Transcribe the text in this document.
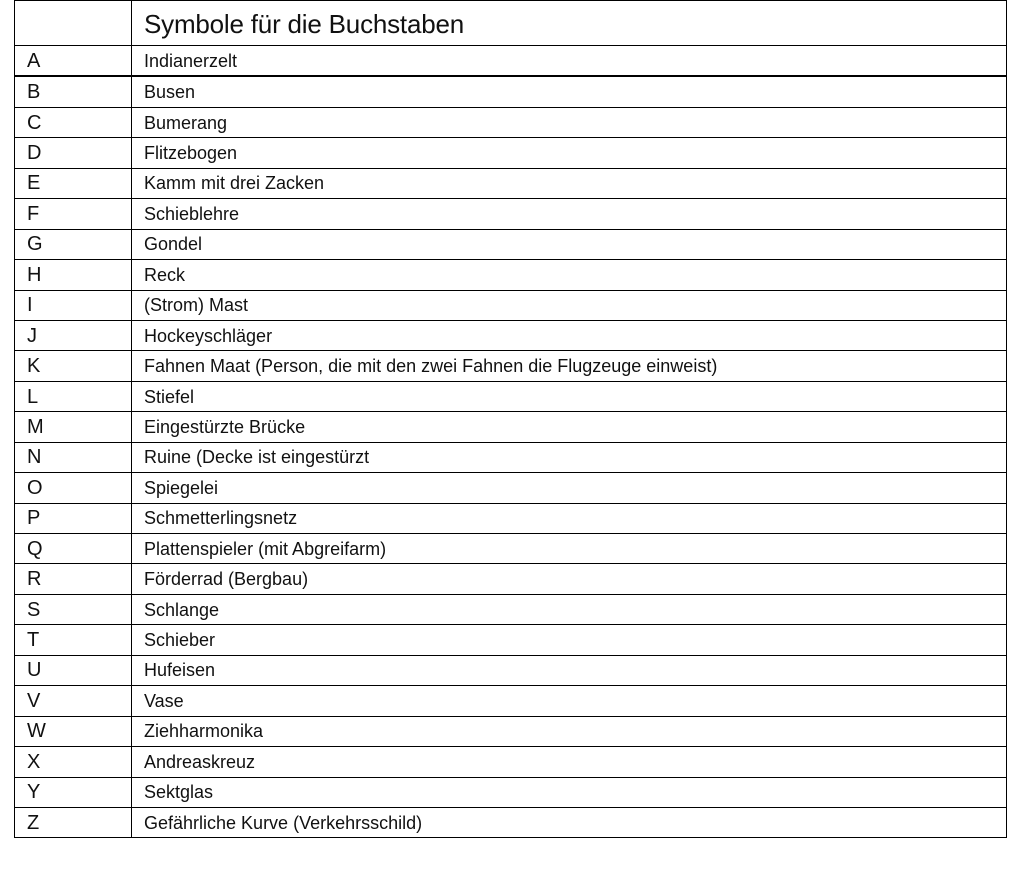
	Symbole für die Buchstaben
A	Indianerzelt
B	Busen
C	Bumerang
D	Flitzebogen
E	Kamm mit drei Zacken
F	Schieblehre
G	Gondel
H	Reck
I	(Strom) Mast
J	Hockeyschläger
K	Fahnen Maat (Person, die mit den zwei Fahnen die Flugzeuge einweist)
L	Stiefel
M	Eingestürzte Brücke
N	Ruine (Decke ist eingestürzt
O	Spiegelei
P	Schmetterlingsnetz
Q	Plattenspieler (mit Abgreifarm)
R	Förderrad (Bergbau)
S	Schlange
T	Schieber
U	Hufeisen
V	Vase
W	Ziehharmonika
X	Andreaskreuz
Y	Sektglas
Z	Gefährliche Kurve (Verkehrsschild)
